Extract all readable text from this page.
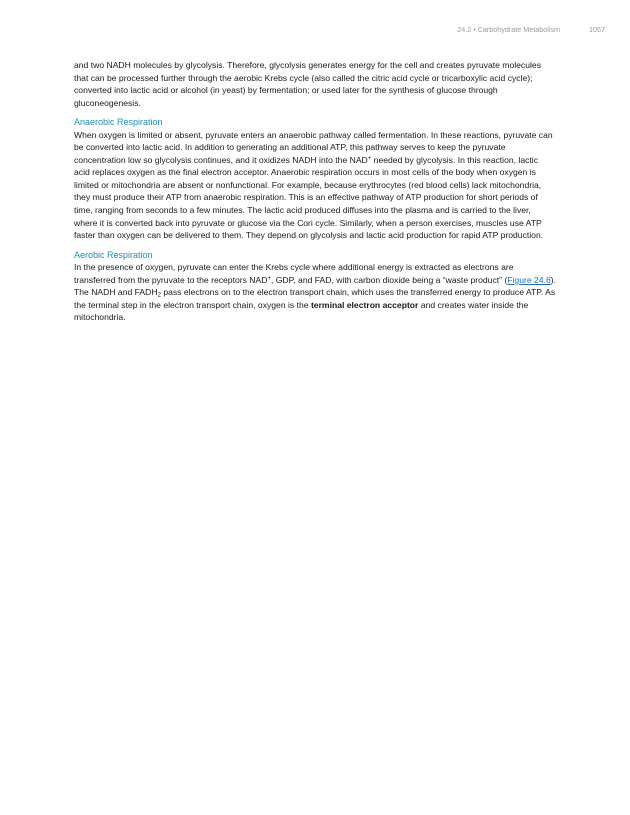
24.2 • Carbohydrate Metabolism	1067

and two NADH molecules by glycolysis. Therefore, glycolysis generates energy for the cell and creates pyruvate molecules that can be processed further through the aerobic Krebs cycle (also called the citric acid cycle or tricarboxylic acid cycle); converted into lactic acid or alcohol (in yeast) by fermentation; or used later for the synthesis of glucose through gluconeogenesis.

Anaerobic Respiration

When oxygen is limited or absent, pyruvate enters an anaerobic pathway called fermentation. In these reactions, pyruvate can be converted into lactic acid. In addition to generating an additional ATP, this pathway serves to keep the pyruvate concentration low so glycolysis continues, and it oxidizes NADH into the NAD+ needed by glycolysis. In this reaction, lactic acid replaces oxygen as the final electron acceptor. Anaerobic respiration occurs in most cells of the body when oxygen is limited or mitochondria are absent or nonfunctional. For example, because erythrocytes (red blood cells) lack mitochondria, they must produce their ATP from anaerobic respiration. This is an effective pathway of ATP production for short periods of time, ranging from seconds to a few minutes. The lactic acid produced diffuses into the plasma and is carried to the liver, where it is converted back into pyruvate or glucose via the Cori cycle. Similarly, when a person exercises, muscles use ATP faster than oxygen can be delivered to them. They depend on glycolysis and lactic acid production for rapid ATP production.

Aerobic Respiration

In the presence of oxygen, pyruvate can enter the Krebs cycle where additional energy is extracted as electrons are transferred from the pyruvate to the receptors NAD+, GDP, and FAD, with carbon dioxide being a “waste product” (Figure 24.6). The NADH and $FADH_2$ pass electrons on to the electron transport chain, which uses the transferred energy to produce ATP. As the terminal step in the electron transport chain, oxygen is the terminal electron acceptor and creates water inside the mitochondria.
